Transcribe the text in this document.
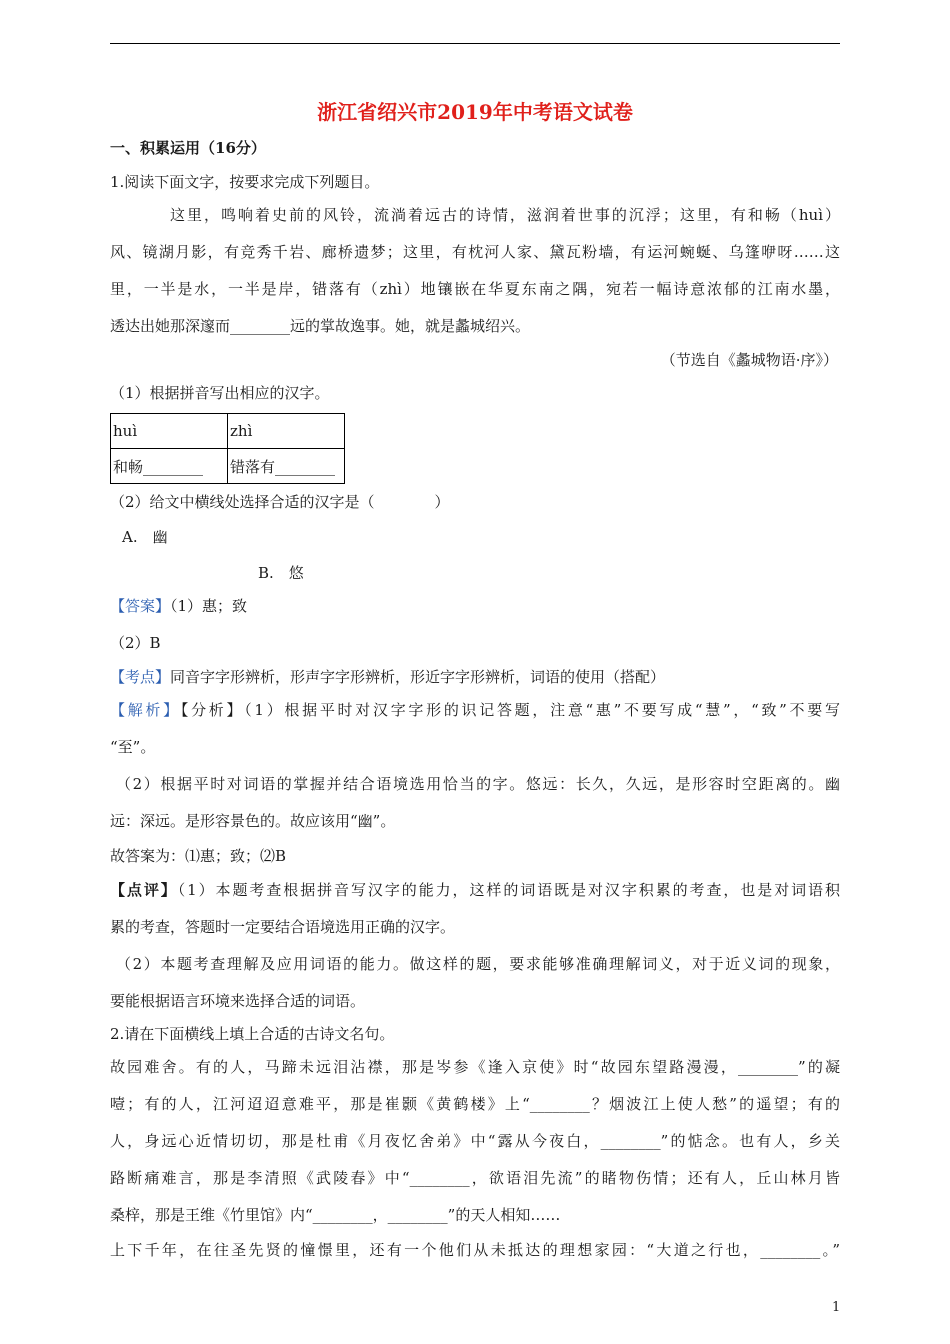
浙江省绍兴市2019年中考语文试卷
一、积累运用（16分）
1.阅读下面文字，按要求完成下列题目。
这里，鸣响着史前的风铃，流淌着远古的诗情，滋润着世事的沉浮；这里，有和畅（huì）
风、镜湖月影，有竞秀千岩、廊桥遗梦；这里，有枕河人家、黛瓦粉墙，有运河蜿蜒、乌篷咿呀……这
里，一半是水，一半是岸，错落有（zhì）地镶嵌在华夏东南之隅，宛若一幅诗意浓郁的江南水墨，
透达出她那深邃而________远的掌故逸事。她，就是蠡城绍兴。
（节选自《蠡城物语·序》）
（1）根据拼音写出相应的汉字。
huì	zhì
和畅________	错落有________
（2）给文中横线处选择合适的汉字是（　　　　）
A.　幽
B.　悠
【答案】（1）惠；致
（2）B
【考点】同音字字形辨析，形声字字形辨析，形近字字形辨析，词语的使用（搭配）
【解析】【分析】（1）根据平时对汉字字形的识记答题，注意“惠”不要写成“慧”，“致”不要写
“至”。
（2）根据平时对词语的掌握并结合语境选用恰当的字。悠远：长久，久远，是形容时空距离的。幽
远：深远。是形容景色的。故应该用“幽”。
故答案为：⑴惠；致；⑵B
【点评】（1）本题考查根据拼音写汉字的能力，这样的词语既是对汉字积累的考查，也是对词语积
累的考查，答题时一定要结合语境选用正确的汉字。
（2）本题考查理解及应用词语的能力。做这样的题，要求能够准确理解词义，对于近义词的现象，
要能根据语言环境来选择合适的词语。
2.请在下面横线上填上合适的古诗文名句。
故园难舍。有的人，马蹄未远泪沾襟，那是岑参《逢入京使》时“故园东望路漫漫，________”的凝
噎；有的人，江河迢迢意难平，那是崔颢《黄鹤楼》上“________？烟波江上使人愁”的遥望；有的
人，身远心近情切切，那是杜甫《月夜忆舍弟》中“露从今夜白，________”的惦念。也有人，乡关
路断痛难言，那是李清照《武陵春》中“________，欲语泪先流”的睹物伤情；还有人，丘山林月皆
桑梓，那是王维《竹里馆》内“________，________”的天人相知……
上下千年，在往圣先贤的憧憬里，还有一个他们从未抵达的理想家园：“大道之行也，________。”
1
